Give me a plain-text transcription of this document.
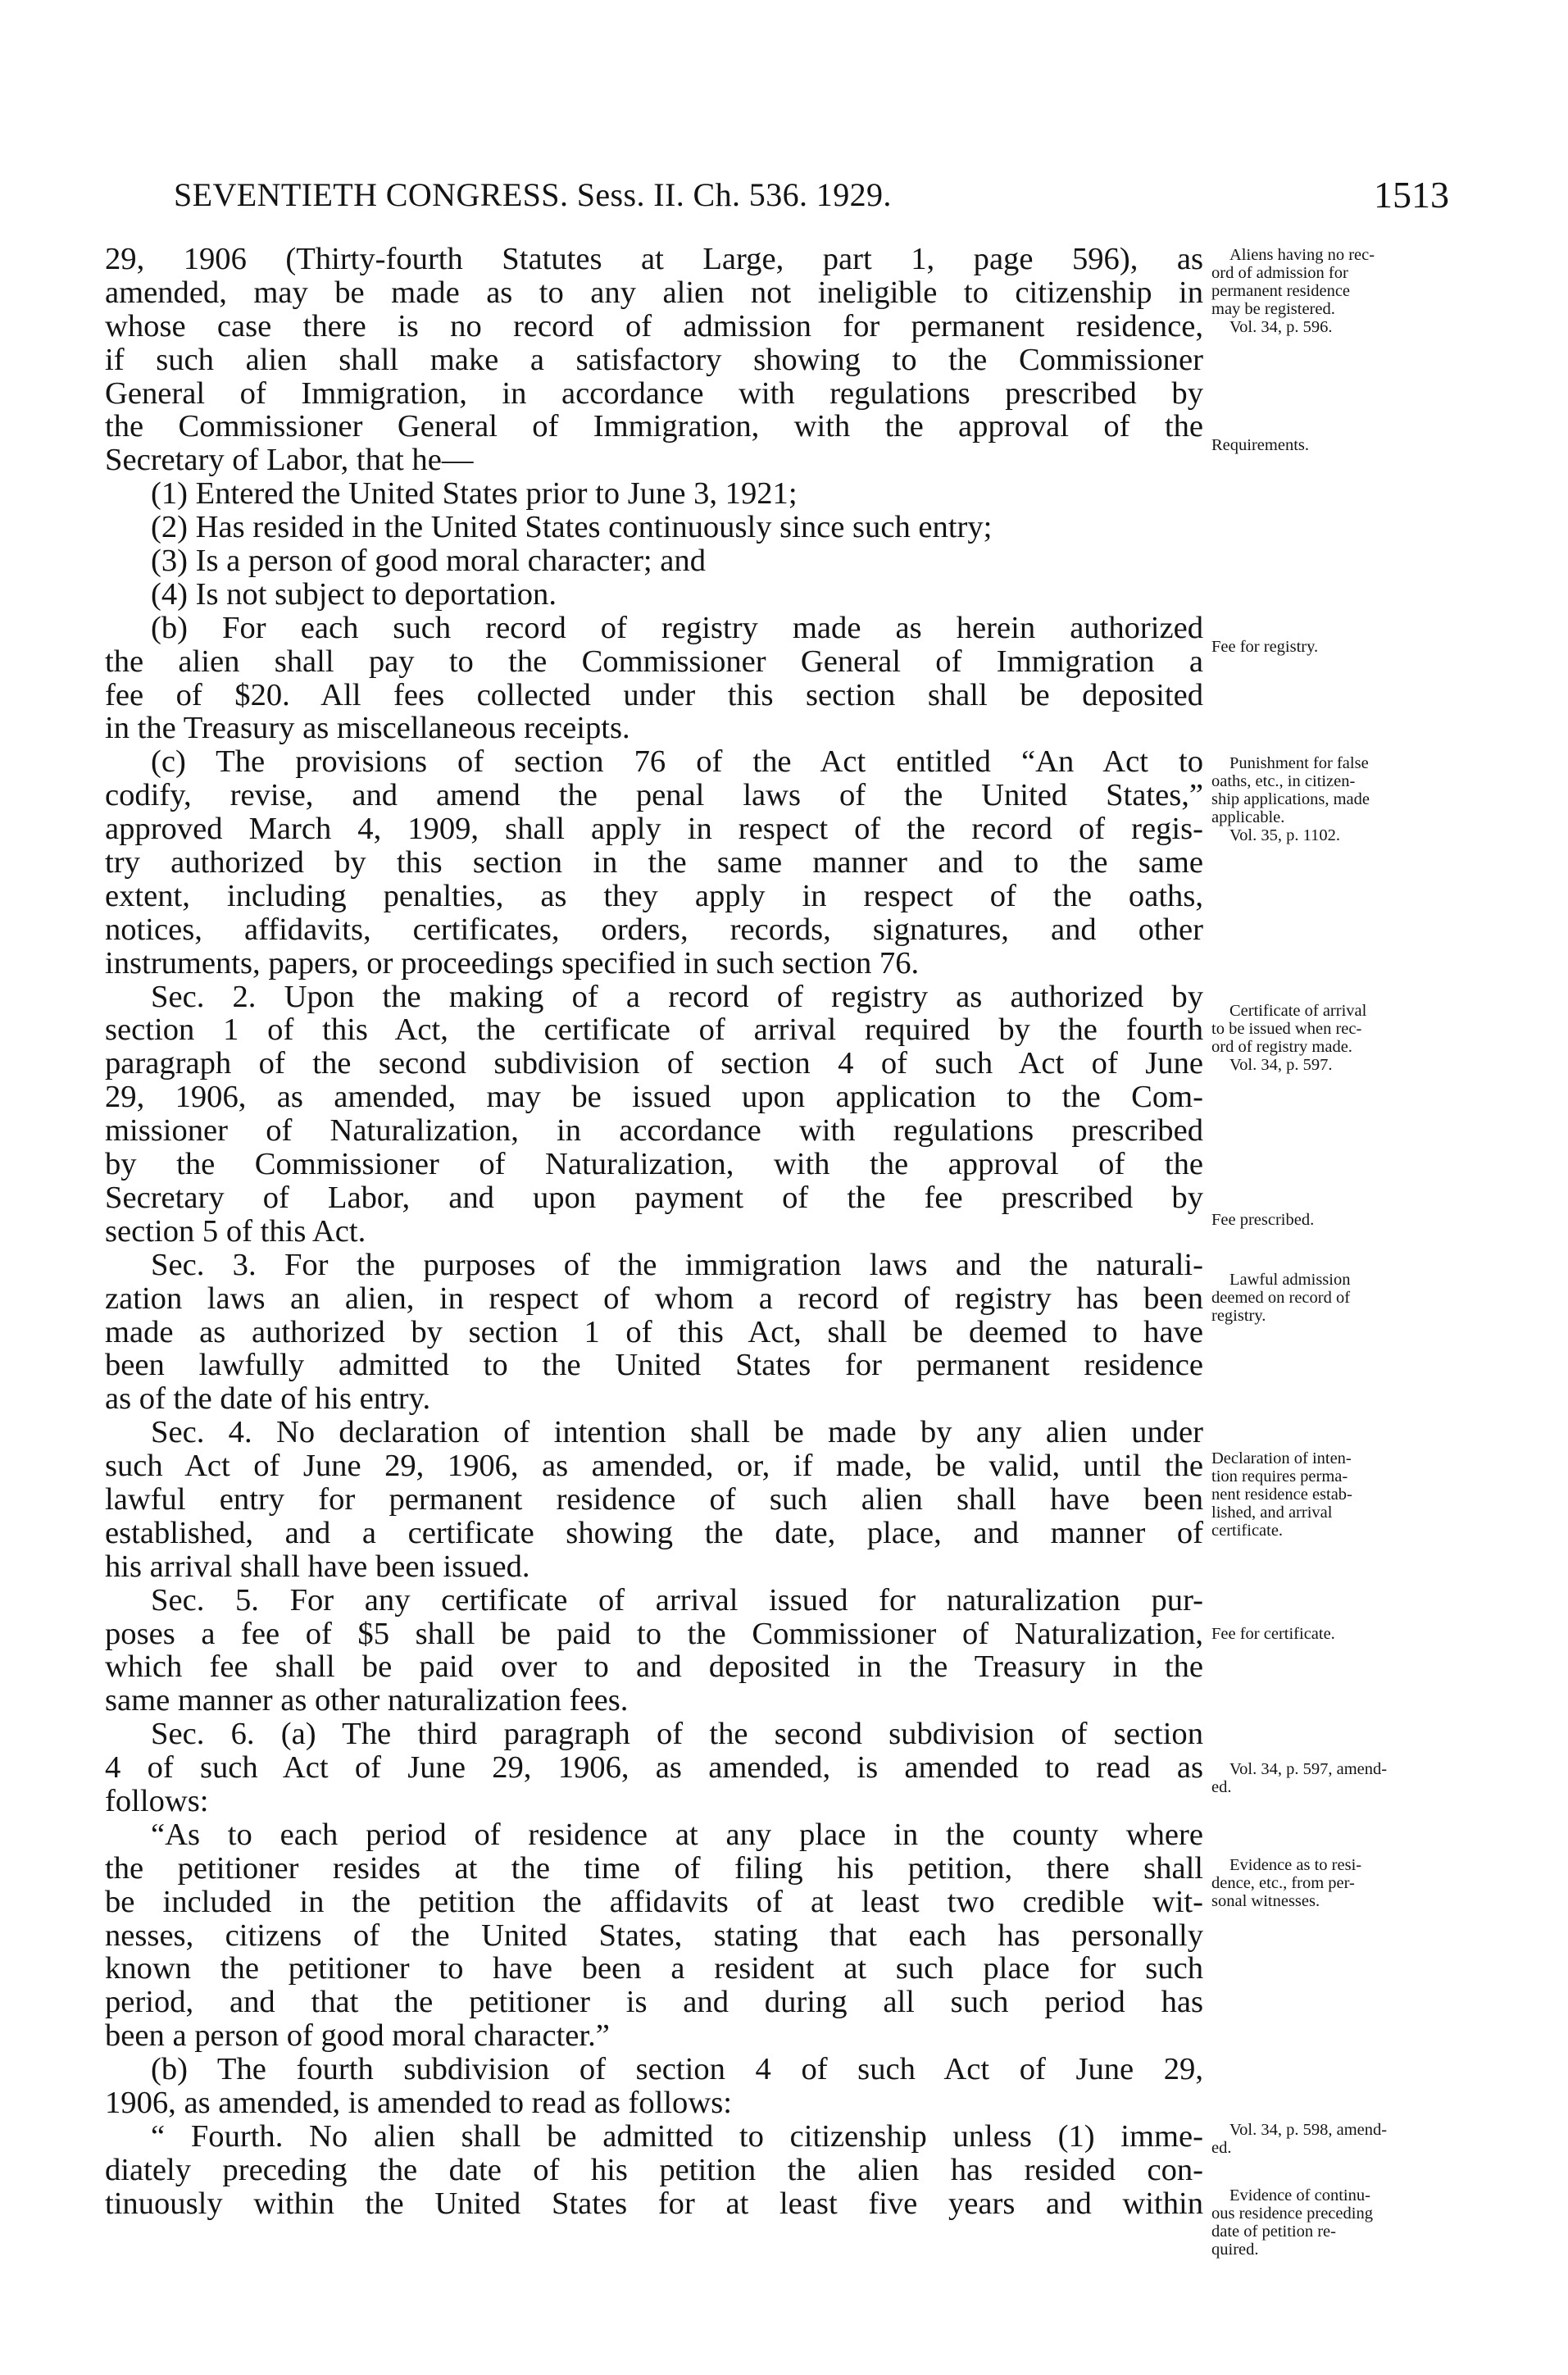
SEVENTIETH CONGRESS. Sess. II. Ch. 536. 1929.	1513
29, 1906 (Thirty-fourth Statutes at Large, part 1, page 596), as
amended, may be made as to any alien not ineligible to citizenship in
whose case there is no record of admission for permanent residence,
if such alien shall make a satisfactory showing to the Commissioner
General of Immigration, in accordance with regulations prescribed by
the Commissioner General of Immigration, with the approval of the
Secretary of Labor, that he—
(1) Entered the United States prior to June 3, 1921;
(2) Has resided in the United States continuously since such entry;
(3) Is a person of good moral character; and
(4) Is not subject to deportation.
(b) For each such record of registry made as herein authorized
the alien shall pay to the Commissioner General of Immigration a
fee of $20. All fees collected under this section shall be deposited
in the Treasury as miscellaneous receipts.
(c) The provisions of section 76 of the Act entitled “An Act to
codify, revise, and amend the penal laws of the United States,”
approved March 4, 1909, shall apply in respect of the record of regis-
try authorized by this section in the same manner and to the same
extent, including penalties, as they apply in respect of the oaths,
notices, affidavits, certificates, orders, records, signatures, and other
instruments, papers, or proceedings specified in such section 76.
Sec. 2. Upon the making of a record of registry as authorized by
section 1 of this Act, the certificate of arrival required by the fourth
paragraph of the second subdivision of section 4 of such Act of June
29, 1906, as amended, may be issued upon application to the Com-
missioner of Naturalization, in accordance with regulations prescribed
by the Commissioner of Naturalization, with the approval of the
Secretary of Labor, and upon payment of the fee prescribed by
section 5 of this Act.
Sec. 3. For the purposes of the immigration laws and the naturali-
zation laws an alien, in respect of whom a record of registry has been
made as authorized by section 1 of this Act, shall be deemed to have
been lawfully admitted to the United States for permanent residence
as of the date of his entry.
Sec. 4. No declaration of intention shall be made by any alien under
such Act of June 29, 1906, as amended, or, if made, be valid, until the
lawful entry for permanent residence of such alien shall have been
established, and a certificate showing the date, place, and manner of
his arrival shall have been issued.
Sec. 5. For any certificate of arrival issued for naturalization pur-
poses a fee of $5 shall be paid to the Commissioner of Naturalization,
which fee shall be paid over to and deposited in the Treasury in the
same manner as other naturalization fees.
Sec. 6. (a) The third paragraph of the second subdivision of section
4 of such Act of June 29, 1906, as amended, is amended to read as
follows:
“As to each period of residence at any place in the county where
the petitioner resides at the time of filing his petition, there shall
be included in the petition the affidavits of at least two credible wit-
nesses, citizens of the United States, stating that each has personally
known the petitioner to have been a resident at such place for such
period, and that the petitioner is and during all such period has
been a person of good moral character.”
(b) The fourth subdivision of section 4 of such Act of June 29,
1906, as amended, is amended to read as follows:
“ Fourth. No alien shall be admitted to citizenship unless (1) imme-
diately preceding the date of his petition the alien has resided con-
tinuously within the United States for at least five years and within
Aliens having no rec-
ord of admission for
permanent residence
may be registered.
Vol. 34, p. 596.
Requirements.
Fee for registry.
Punishment for false
oaths, etc., in citizen-
ship applications, made
applicable.
Vol. 35, p. 1102.
Certificate of arrival
to be issued when rec-
ord of registry made.
Vol. 34, p. 597.
Fee prescribed.
Lawful admission
deemed on record of
registry.
Declaration of inten-
tion requires perma-
nent residence estab-
lished, and arrival
certificate.
Fee for certificate.
Vol. 34, p. 597, amend-
ed.
Evidence as to resi-
dence, etc., from per-
sonal witnesses.
Vol. 34, p. 598, amend-
ed.
Evidence of continu-
ous residence preceding
date of petition re-
quired.
